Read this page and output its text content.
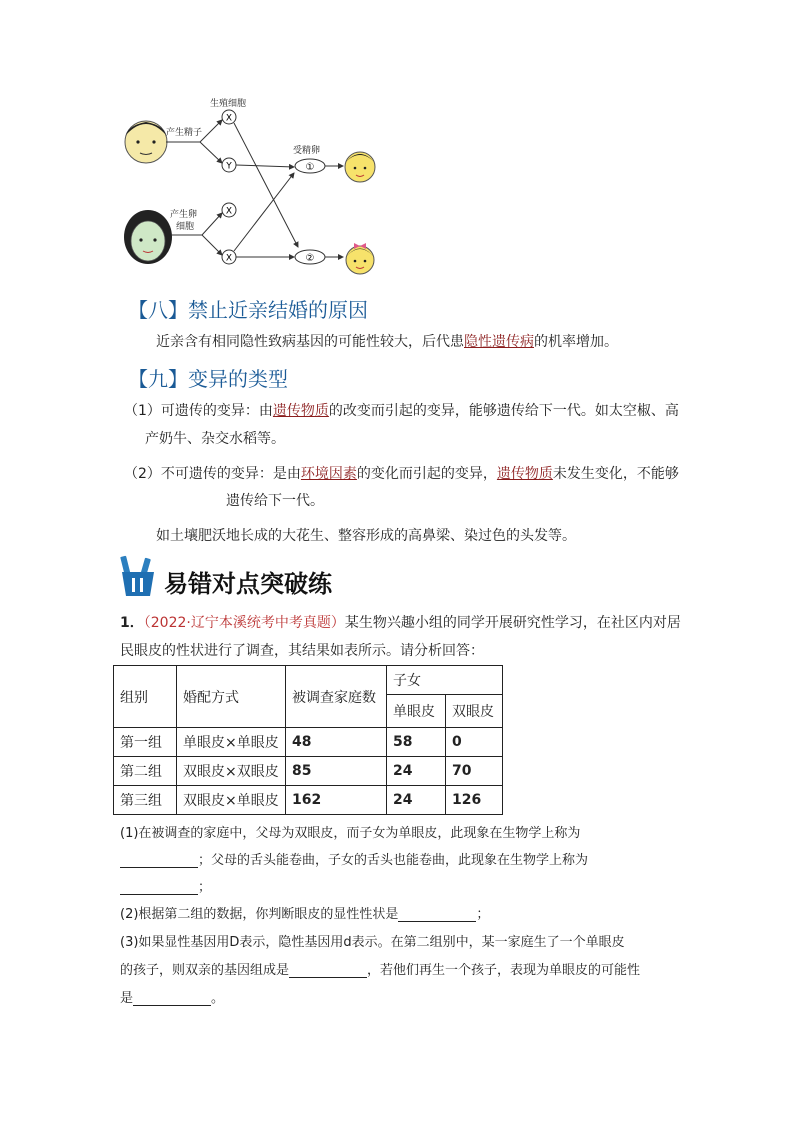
产生精子
产生卵
细胞
生殖细胞
受精卵
X
Y
X
X
①
②
【八】禁止近亲结婚的原因
近亲含有相同隐性致病基因的可能性较大，后代患隐性遗传病的机率增加。
【九】变异的类型
（1）可遗传的变异：由遗传物质的改变而引起的变异，能够遗传给下一代。如太空椒、高
产奶牛、杂交水稻等。
（2）不可遗传的变异：是由环境因素的变化而引起的变异，遗传物质未发生变化，不能够
遗传给下一代。
如土壤肥沃地长成的大花生、整容形成的高鼻梁、染过色的头发等。
易错对点突破练
1．（2022·辽宁本溪统考中考真题）某生物兴趣小组的同学开展研究性学习，在社区内对居
民眼皮的性状进行了调查，其结果如表所示。请分析回答：
组别	婚配方式	被调查家庭数	子女	
			单眼皮	双眼皮
第一组	单眼皮×单眼皮	48	58	0
第二组	双眼皮×双眼皮	85	24	70
第三组	双眼皮×单眼皮	162	24	126
(1)在被调查的家庭中，父母为双眼皮，而子女为单眼皮，此现象在生物学上称为
；父母的舌头能卷曲，子女的舌头也能卷曲，此现象在生物学上称为
；
(2)根据第二组的数据，你判断眼皮的显性性状是	；
(3)如果显性基因用D表示，隐性基因用d表示。在第二组别中，某一家庭生了一个单眼皮
的孩子，则双亲的基因组成是	，若他们再生一个孩子，表现为单眼皮的可能性
是	。
